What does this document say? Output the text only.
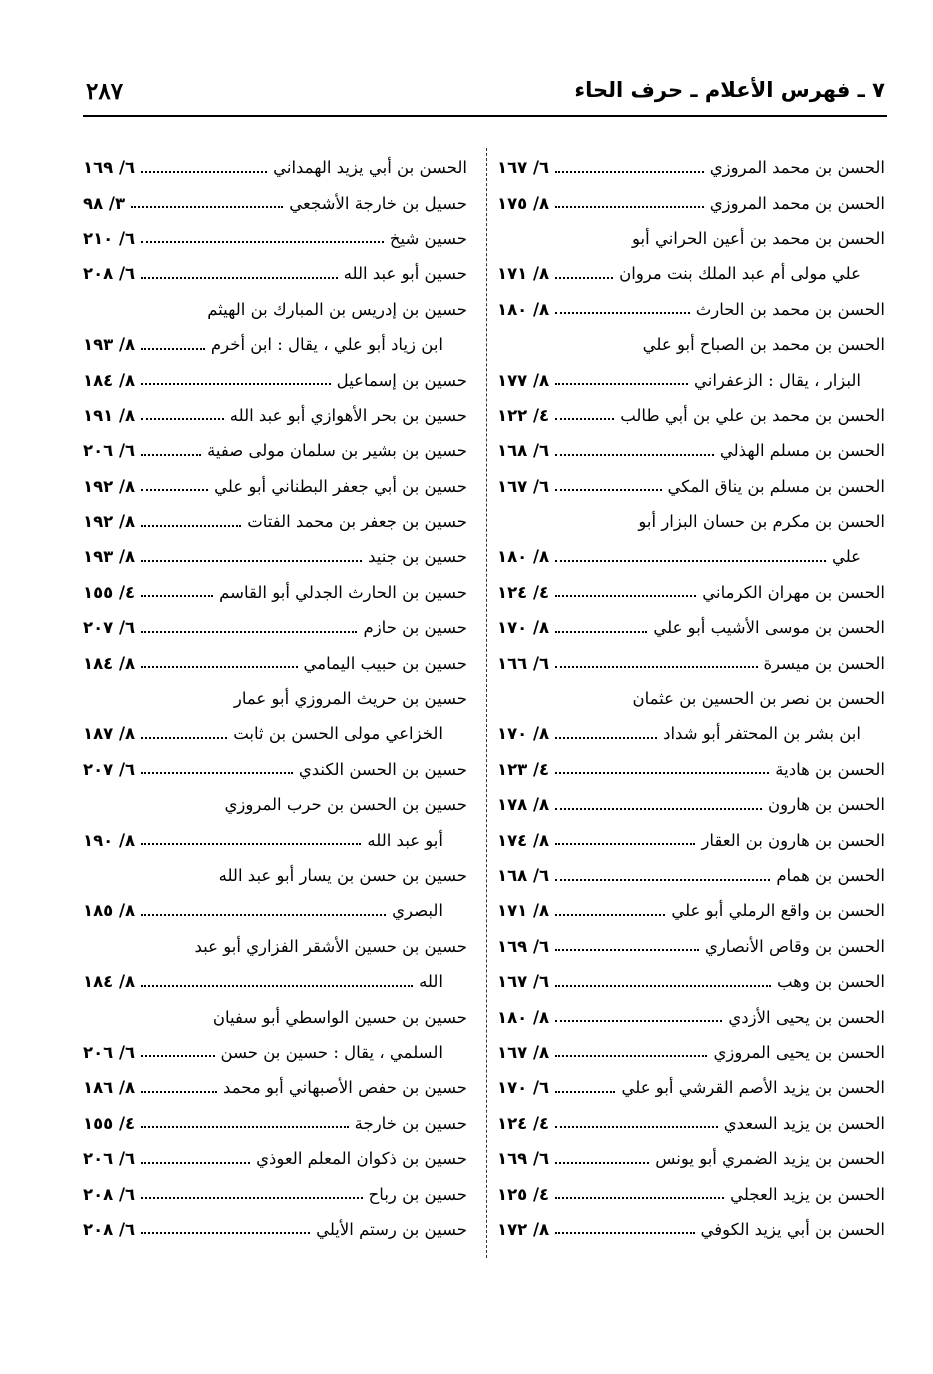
٢٨٧	٧ ـ فهرس الأعلام ـ حرف الحاء
الحسن بن محمد المروزي
٦/ ١٦٧
الحسن بن محمد المروزي
٨/ ١٧٥
الحسن بن محمد بن أعين الحراني أبو
علي مولى أم عبد الملك بنت مروان
٨/ ١٧١
الحسن بن محمد بن الحارث
٨/ ١٨٠
الحسن بن محمد بن الصباح أبو علي
البزار ، يقال : الزعفراني
٨/ ١٧٧
الحسن بن محمد بن علي بن أبي طالب
٤/ ١٢٢
الحسن بن مسلم الهذلي
٦/ ١٦٨
الحسن بن مسلم بن يناق المكي
٦/ ١٦٧
الحسن بن مكرم بن حسان البزار أبو
علي
٨/ ١٨٠
الحسن بن مهران الكرماني
٤/ ١٢٤
الحسن بن موسى الأشيب أبو علي
٨/ ١٧٠
الحسن بن ميسرة
٦/ ١٦٦
الحسن بن نصر بن الحسين بن عثمان
ابن بشر بن المحتفر أبو شداد
٨/ ١٧٠
الحسن بن هادية
٤/ ١٢٣
الحسن بن هارون
٨/ ١٧٨
الحسن بن هارون بن العقار
٨/ ١٧٤
الحسن بن همام
٦/ ١٦٨
الحسن بن واقع الرملي أبو علي
٨/ ١٧١
الحسن بن وقاص الأنصاري
٦/ ١٦٩
الحسن بن وهب
٦/ ١٦٧
الحسن بن يحيى الأزدي
٨/ ١٨٠
الحسن بن يحيى المروزي
٨/ ١٦٧
الحسن بن يزيد الأصم القرشي أبو علي
٦/ ١٧٠
الحسن بن يزيد السعدي
٤/ ١٢٤
الحسن بن يزيد الضمري أبو يونس
٦/ ١٦٩
الحسن بن يزيد العجلي
٤/ ١٢٥
الحسن بن أبي يزيد الكوفي
٨/ ١٧٢
الحسن بن أبي يزيد الهمداني
٦/ ١٦٩
حسيل بن خارجة الأشجعي
٣/ ٩٨
حسين شيخ
٦/ ٢١٠
حسين أبو عبد الله
٦/ ٢٠٨
حسين بن إدريس بن المبارك بن الهيثم
ابن زياد أبو علي ، يقال : ابن أخرم
٨/ ١٩٣
حسين بن إسماعيل
٨/ ١٨٤
حسين بن بحر الأهوازي أبو عبد الله
٨/ ١٩١
حسين بن بشير بن سلمان مولى صفية
٦/ ٢٠٦
حسين بن أبي جعفر البطناني أبو علي
٨/ ١٩٢
حسين بن جعفر بن محمد الفتات
٨/ ١٩٢
حسين بن جنيد
٨/ ١٩٣
حسين بن الحارث الجدلي أبو القاسم
٤/ ١٥٥
حسين بن حازم
٦/ ٢٠٧
حسين بن حبيب اليمامي
٨/ ١٨٤
حسين بن حريث المروزي أبو عمار
الخزاعي مولى الحسن بن ثابت
٨/ ١٨٧
حسين بن الحسن الكندي
٦/ ٢٠٧
حسين بن الحسن بن حرب المروزي
أبو عبد الله
٨/ ١٩٠
حسين بن حسن بن يسار أبو عبد الله
البصري
٨/ ١٨٥
حسين بن حسين الأشقر الفزاري أبو عبد
الله
٨/ ١٨٤
حسين بن حسين الواسطي أبو سفيان
السلمي ، يقال : حسين بن حسن
٦/ ٢٠٦
حسين بن حفص الأصبهاني أبو محمد
٨/ ١٨٦
حسين بن خارجة
٤/ ١٥٥
حسين بن ذكوان المعلم العوذي
٦/ ٢٠٦
حسين بن رباح
٦/ ٢٠٨
حسين بن رستم الأيلي
٦/ ٢٠٨
